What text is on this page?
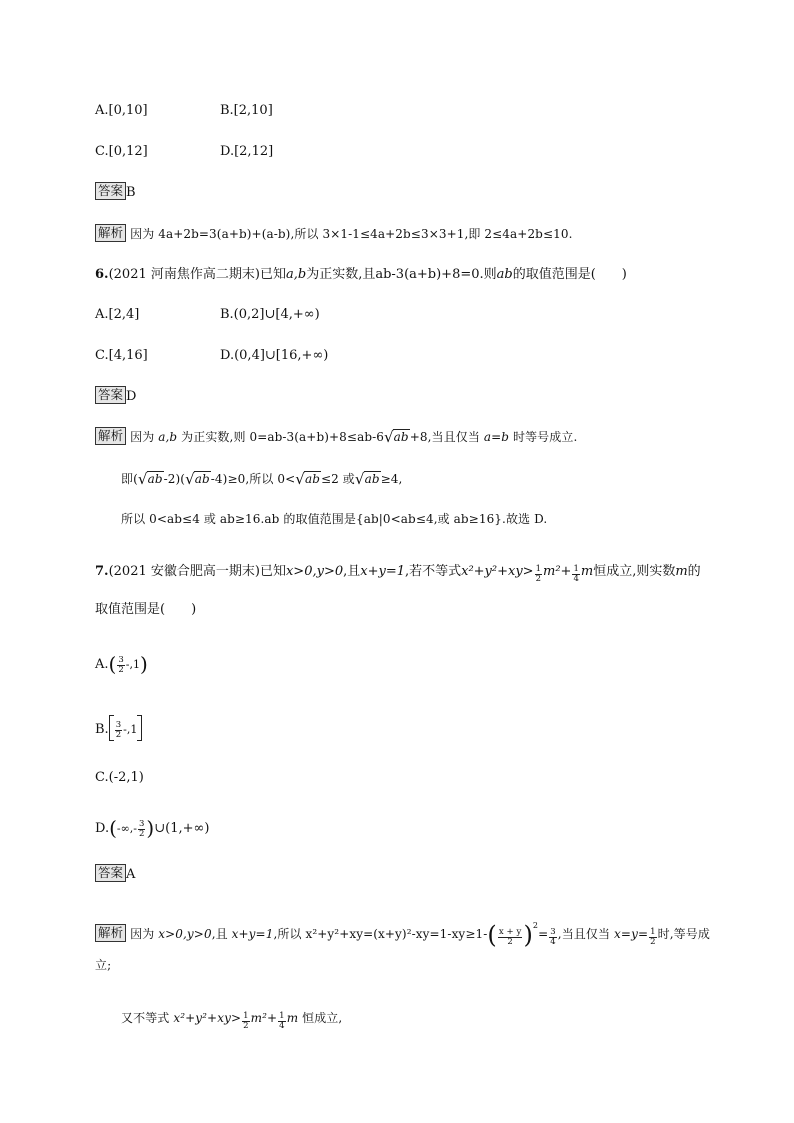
A.[0,10]	B.[2,10]
C.[0,12]	D.[2,12]
答案 B
解析 因为 4a+2b=3(a+b)+(a-b),所以 3×1-1≤4a+2b≤3×3+1,即 2≤4a+2b≤10.
6.(2021 河南焦作高二期末)已知a,b为正实数,且ab-3(a+b)+8=0.则ab的取值范围是(　　)
A.[2,4]	B.(0,2]∪[4,+∞)
C.[4,16]	D.(0,4]∪[16,+∞)
答案 D
解析 因为 a,b 为正实数,则 0=ab-3(a+b)+8≤ab-6√ab+8,当且仅当 a=b 时等号成立.
即(√ab-2)(√ab-4)≥0,所以 0<√ab≤2 或√ab≥4,
所以 0<ab≤4 或 ab≥16.ab 的取值范围是{ab|0<ab≤4,或 ab≥16}.故选 D.
7.(2021 安徽合肥高一期末)已知x>0,y>0,且x+y=1,若不等式$x^2+y^2+xy> \frac{1}{2} m^2+ \frac{1}{4}$ m恒成立,则实数m的
取值范围是(　　)
$A.( \frac{3}{2} -,1)$
B. $\frac{3}{2} -,1$
C.(-2,1)
$D.(-\infty,- \frac{3}{2}$ )∪(1,+∞)
答案 A
解析 因为 x>0,y>0,且 x+y=1,所以 $x^2+y^2+xy=(x+y)^2-xy=1-xy\ge 1-( \frac{x + y}{2} )^2= \frac{3}{4}$ ,当且仅当 $x=y= \frac{1}{2}$ 时,等号成
立;
又不等式 $x^2+y^2+xy> \frac{1}{2} m^2+ \frac{1}{4}$ m 恒成立,
